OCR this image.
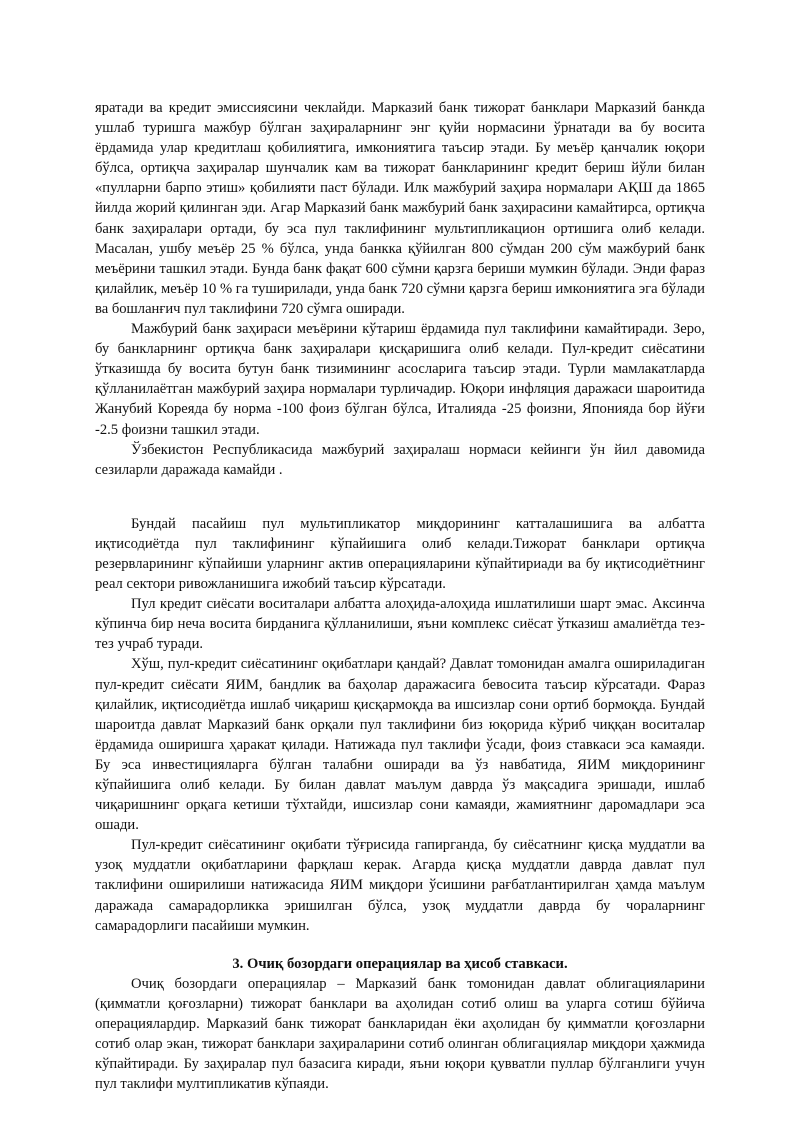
яратади ва кредит эмиссиясини чеклайди. Марказий банк тижорат банклари Марказий банкда ушлаб туришга мажбур бўлган заҳираларнинг энг қуйи нормасини ўрнатади ва бу восита ёрдамида улар кредитлаш қобилиятига, имкониятига таъсир этади. Бу меъёр қанчалик юқори бўлса, ортиқча заҳиралар шунчалик кам ва тижорат банкларининг кредит бериш йўли билан «пулларни барпо этиш» қобилияти паст бўлади. Илк мажбурий заҳира нормалари АҚШ да 1865 йилда жорий қилинган эди. Агар Марказий банк мажбурий банк заҳирасини камайтирса, ортиқча банк заҳиралари ортади, бу эса пул таклифининг мультипликацион ортишига олиб келади. Масалан, ушбу меъёр 25 % бўлса, унда банкка қўйилган 800 сўмдан 200 сўм мажбурий банк меъёрини ташкил этади. Бунда банк фақат 600 сўмни қарзга бериши мумкин бўлади. Энди фараз қилайлик, меъёр 10 % га туширилади, унда банк 720 сўмни қарзга бериш имкониятига эга бўлади ва бошланғич пул таклифини 720 сўмга оширади.

Мажбурий банк заҳираси меъёрини кўтариш ёрдамида пул таклифини камайтиради. Зеро, бу банкларнинг ортиқча банк заҳиралари қисқаришига олиб келади. Пул-кредит сиёсатини ўтказишда бу восита бутун банк тизимининг асосларига таъсир этади. Турли мамлакатларда қўлланилаётган мажбурий заҳира нормалари турличадир. Юқори инфляция даражаси шароитида Жанубий Кореяда бу норма -100 фоиз бўлган бўлса, Италияда -25 фоизни, Японияда бор йўғи -2.5 фоизни ташкил этади.

Ўзбекистон Республикасида мажбурий заҳиралаш нормаси кейинги ўн йил давомида сезиларли даражада камайди .

Бундай пасайиш пул мультипликатор миқдорининг катталашишига ва албатта иқтисодиётда пул таклифининг кўпайишига олиб келади.Тижорат банклари ортиқча резервларининг кўпайиши уларнинг актив операцияларини кўпайтириади ва бу иқтисодиётнинг реал сектори ривожланишига ижобий таъсир кўрсатади.

Пул кредит сиёсати воситалари албатта алоҳида-алоҳида ишлатилиши шарт эмас. Аксинча кўпинча бир неча восита бирданига қўлланилиши, яъни комплекс сиёсат ўтказиш амалиётда тез-тез учраб туради.

Хўш, пул-кредит сиёсатининг оқибатлари қандай? Давлат томонидан амалга ошириладиган пул-кредит сиёсати ЯИМ, бандлик ва баҳолар даражасига бевосита таъсир кўрсатади. Фараз қилайлик, иқтисодиётда ишлаб чиқариш қисқармоқда ва ишсизлар сони ортиб бормоқда. Бундай шароитда давлат Марказий банк орқали пул таклифини биз юқорида кўриб чиққан воситалар ёрдамида оширишга ҳаракат қилади. Натижада пул таклифи ўсади, фоиз ставкаси эса камаяди. Бу эса инвестицияларга бўлган талабни оширади ва ўз навбатида, ЯИМ миқдорининг кўпайишига олиб келади. Бу билан давлат маълум даврда ўз мақсадига эришади, ишлаб чиқаришнинг орқага кетиши тўхтайди, ишсизлар сони камаяди, жамиятнинг даромадлари эса ошади.

Пул-кредит сиёсатининг оқибати тўғрисида гапирганда, бу сиёсатнинг қисқа муддатли ва узоқ муддатли оқибатларини фарқлаш керак. Агарда қисқа муддатли даврда давлат пул таклифини оширилиши натижасида ЯИМ миқдори ўсишини рағбатлантирилган ҳамда маълум даражада самарадорликка эришилган бўлса, узоқ муддатли даврда бу чораларнинг самарадорлиги пасайиши мумкин.

3. Очиқ бозордаги операциялар ва ҳисоб ставкаси.

Очиқ бозордаги операциялар – Марказий банк томонидан давлат облигацияларини (қимматли қоғозларни) тижорат банклари ва аҳолидан сотиб олиш ва уларга сотиш бўйича операциялардир. Марказий банк тижорат банкларидан ёки аҳолидан бу қимматли қоғозларни сотиб олар экан, тижорат банклари заҳираларини сотиб олинган облигациялар миқдори ҳажмида кўпайтиради. Бу заҳиралар пул базасига киради, яъни юқори қувватли пуллар бўлганлиги учун пул таклифи мултипликатив кўпаяди.
